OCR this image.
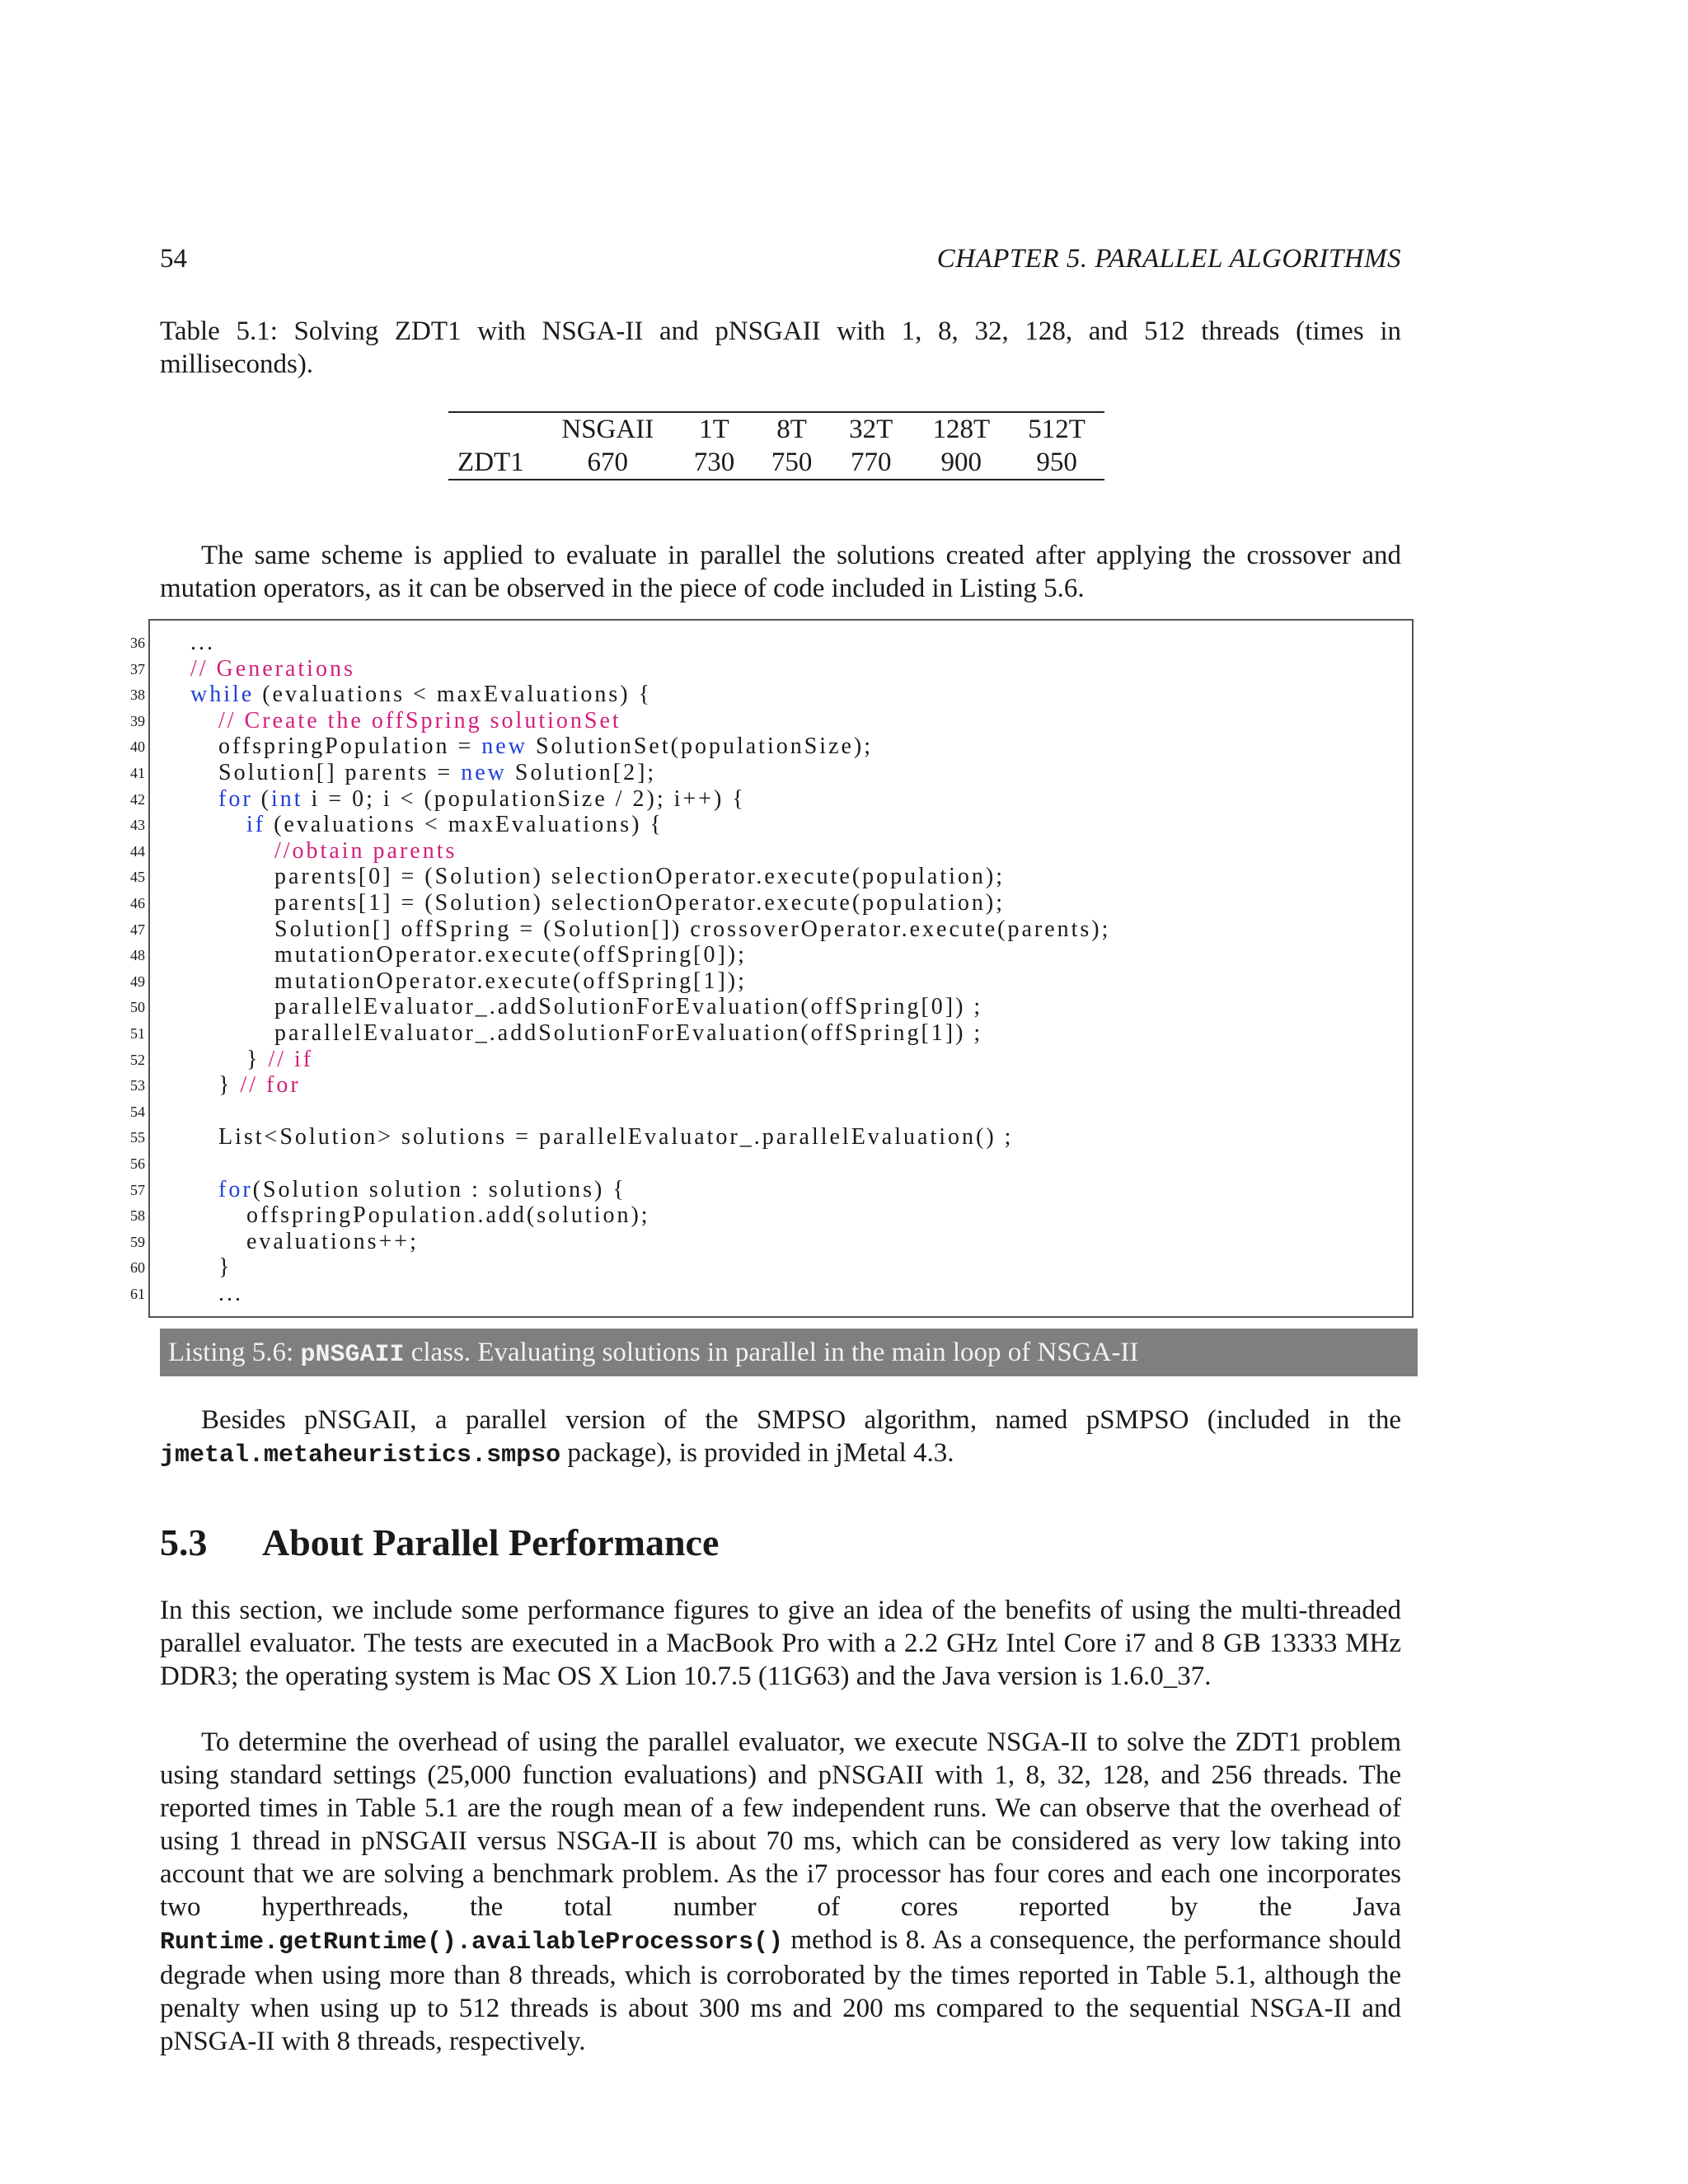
54	CHAPTER 5. PARALLEL ALGORITHMS
Table 5.1: Solving ZDT1 with NSGA-II and pNSGAII with 1, 8, 32, 128, and 512 threads (times in milliseconds).
	NSGAII	1T	8T	32T	128T	512T
ZDT1	670	730	750	770	900	950
The same scheme is applied to evaluate in parallel the solutions created after applying the crossover and mutation operators, as it can be observed in the piece of code included in Listing 5.6.
36
37
38
39
40
41
42
43
44
45
46
47
48
49
50
51
52
53
54
55
56
57
58
59
60
61
...
// Generations
while (evaluations < maxEvaluations) {
// Create the offSpring solutionSet
offspringPopulation = new SolutionSet(populationSize);
Solution[] parents = new Solution[2];
for (int i = 0; i < (populationSize / 2); i++) {
if (evaluations < maxEvaluations) {
//obtain parents
parents[0] = (Solution) selectionOperator.execute(population);
parents[1] = (Solution) selectionOperator.execute(population);
Solution[] offSpring = (Solution[]) crossoverOperator.execute(parents);
mutationOperator.execute(offSpring[0]);
mutationOperator.execute(offSpring[1]);
parallelEvaluator_.addSolutionForEvaluation(offSpring[0]) ;
parallelEvaluator_.addSolutionForEvaluation(offSpring[1]) ;
} // if
} // for
List<Solution> solutions = parallelEvaluator_.parallelEvaluation() ;
for(Solution solution : solutions) {
offspringPopulation.add(solution);
evaluations++;
}
...
Listing 5.6: pNSGAII class. Evaluating solutions in parallel in the main loop of NSGA-II
Besides pNSGAII, a parallel version of the SMPSO algorithm, named pSMPSO (included in the jmetal.metaheuristics.smpso package), is provided in jMetal 4.3.
5.3 About Parallel Performance
In this section, we include some performance figures to give an idea of the benefits of using the multi-threaded parallel evaluator. The tests are executed in a MacBook Pro with a 2.2 GHz Intel Core i7 and 8 GB 13333 MHz DDR3; the operating system is Mac OS X Lion 10.7.5 (11G63) and the Java version is 1.6.0_37.
To determine the overhead of using the parallel evaluator, we execute NSGA-II to solve the ZDT1 problem using standard settings (25,000 function evaluations) and pNSGAII with 1, 8, 32, 128, and 256 threads. The reported times in Table 5.1 are the rough mean of a few independent runs. We can observe that the overhead of using 1 thread in pNSGAII versus NSGA-II is about 70 ms, which can be considered as very low taking into account that we are solving a benchmark problem. As the i7 processor has four cores and each one incorporates two hyperthreads, the total number of cores reported by the Java Runtime.getRuntime().availableProcessors() method is 8. As a consequence, the performance should degrade when using more than 8 threads, which is corroborated by the times reported in Table 5.1, although the penalty when using up to 512 threads is about 300 ms and 200 ms compared to the sequential NSGA-II and pNSGA-II with 8 threads, respectively.
